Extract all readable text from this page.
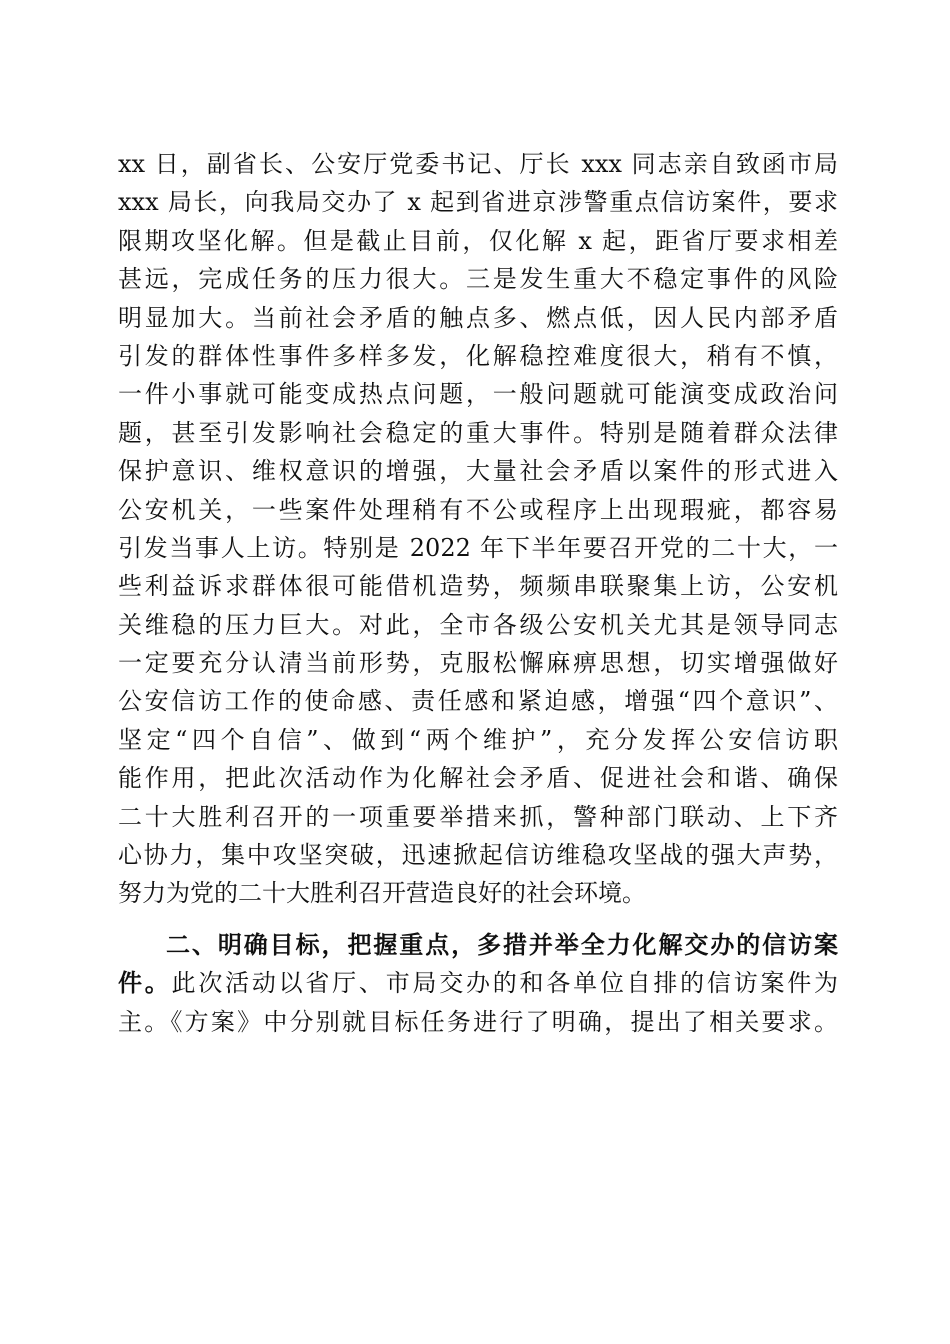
xx 日，副省长、公安厅党委书记、厅长 xxx 同志亲自致函市局
xxx 局长，向我局交办了 x 起到省进京涉警重点信访案件，要求
限期攻坚化解。但是截止目前，仅化解 x 起，距省厅要求相差
甚远，完成任务的压力很大。三是发生重大不稳定事件的风险
明显加大。当前社会矛盾的触点多、燃点低，因人民内部矛盾
引发的群体性事件多样多发，化解稳控难度很大，稍有不慎，
一件小事就可能变成热点问题，一般问题就可能演变成政治问
题，甚至引发影响社会稳定的重大事件。特别是随着群众法律
保护意识、维权意识的增强，大量社会矛盾以案件的形式进入
公安机关，一些案件处理稍有不公或程序上出现瑕疵，都容易
引发当事人上访。特别是 2022 年下半年要召开党的二十大，一
些利益诉求群体很可能借机造势，频频串联聚集上访，公安机
关维稳的压力巨大。对此，全市各级公安机关尤其是领导同志
一定要充分认清当前形势，克服松懈麻痹思想，切实增强做好
公安信访工作的使命感、责任感和紧迫感，增强“四个意识”、
坚定“四个自信”、做到“两个维护”，充分发挥公安信访职
能作用，把此次活动作为化解社会矛盾、促进社会和谐、确保
二十大胜利召开的一项重要举措来抓，警种部门联动、上下齐
心协力，集中攻坚突破，迅速掀起信访维稳攻坚战的强大声势，
努力为党的二十大胜利召开营造良好的社会环境。
二、明确目标，把握重点，多措并举全力化解交办的信访案
件。此次活动以省厅、市局交办的和各单位自排的信访案件为
主。《方案》中分别就目标任务进行了明确，提出了相关要求。
